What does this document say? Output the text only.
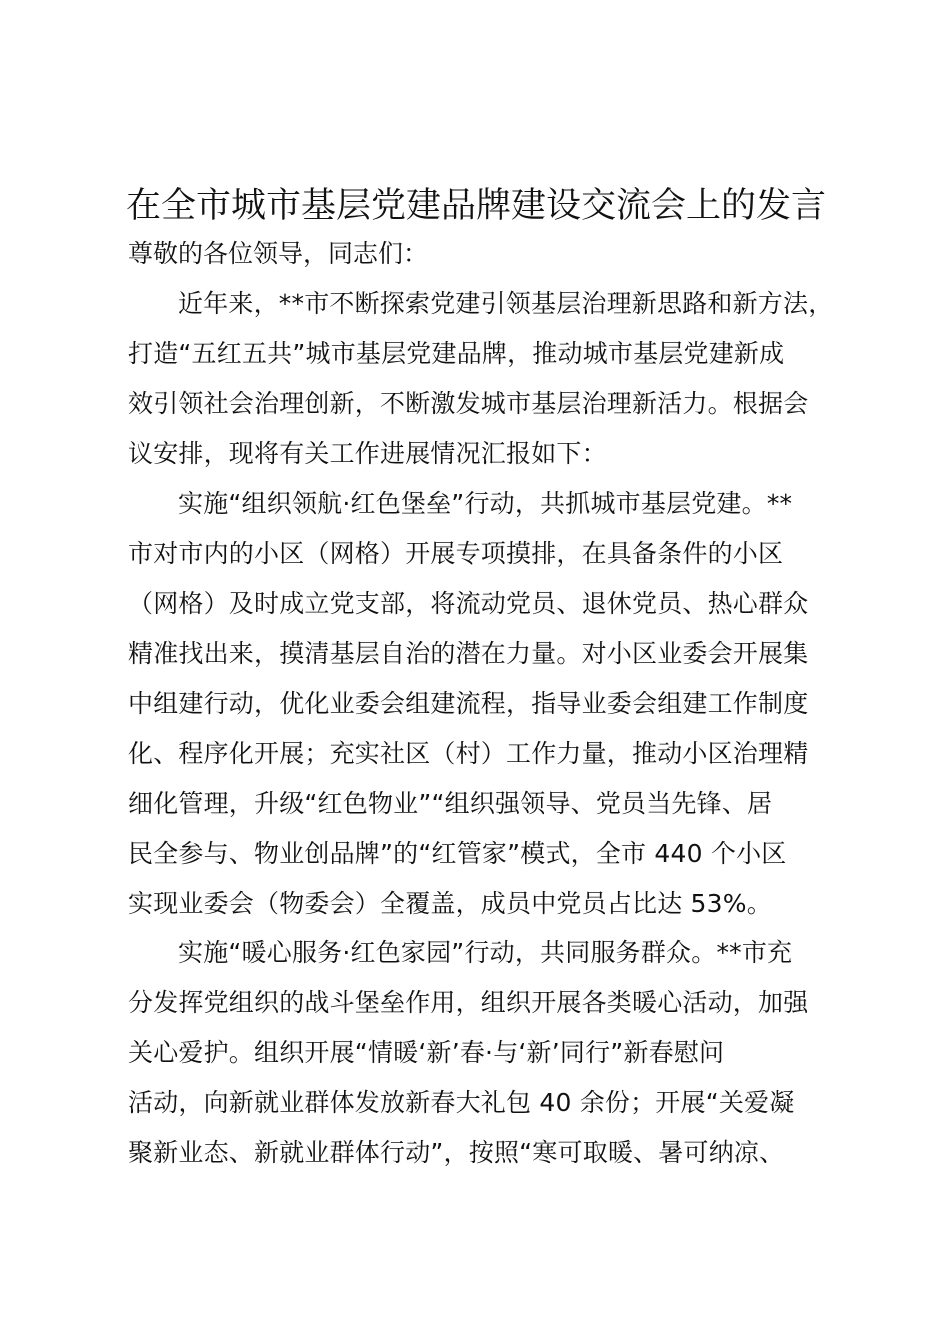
在全市城市基层党建品牌建设交流会上的发言

尊敬的各位领导，同志们：

近年来，**市不断探索党建引领基层治理新思路和新方法，

打造“五红五共”城市基层党建品牌，推动城市基层党建新成

效引领社会治理创新，不断激发城市基层治理新活力。根据会

议安排，现将有关工作进展情况汇报如下：

实施“组织领航·红色堡垒”行动，共抓城市基层党建。**

市对市内的小区（网格）开展专项摸排，在具备条件的小区

（网格）及时成立党支部，将流动党员、退休党员、热心群众

精准找出来，摸清基层自治的潜在力量。对小区业委会开展集

中组建行动，优化业委会组建流程，指导业委会组建工作制度

化、程序化开展；充实社区（村）工作力量，推动小区治理精

细化管理，升级“红色物业”“组织强领导、党员当先锋、居

民全参与、物业创品牌”的“红管家”模式，全市 440 个小区

实现业委会（物委会）全覆盖，成员中党员占比达 53%。

实施“暖心服务·红色家园”行动，共同服务群众。**市充

分发挥党组织的战斗堡垒作用，组织开展各类暖心活动，加强

关心爱护。组织开展“情暖‘新’春·与‘新’同行”新春慰问

活动，向新就业群体发放新春大礼包 40 余份；开展“关爱凝

聚新业态、新就业群体行动”，按照“寒可取暖、暑可纳凉、
